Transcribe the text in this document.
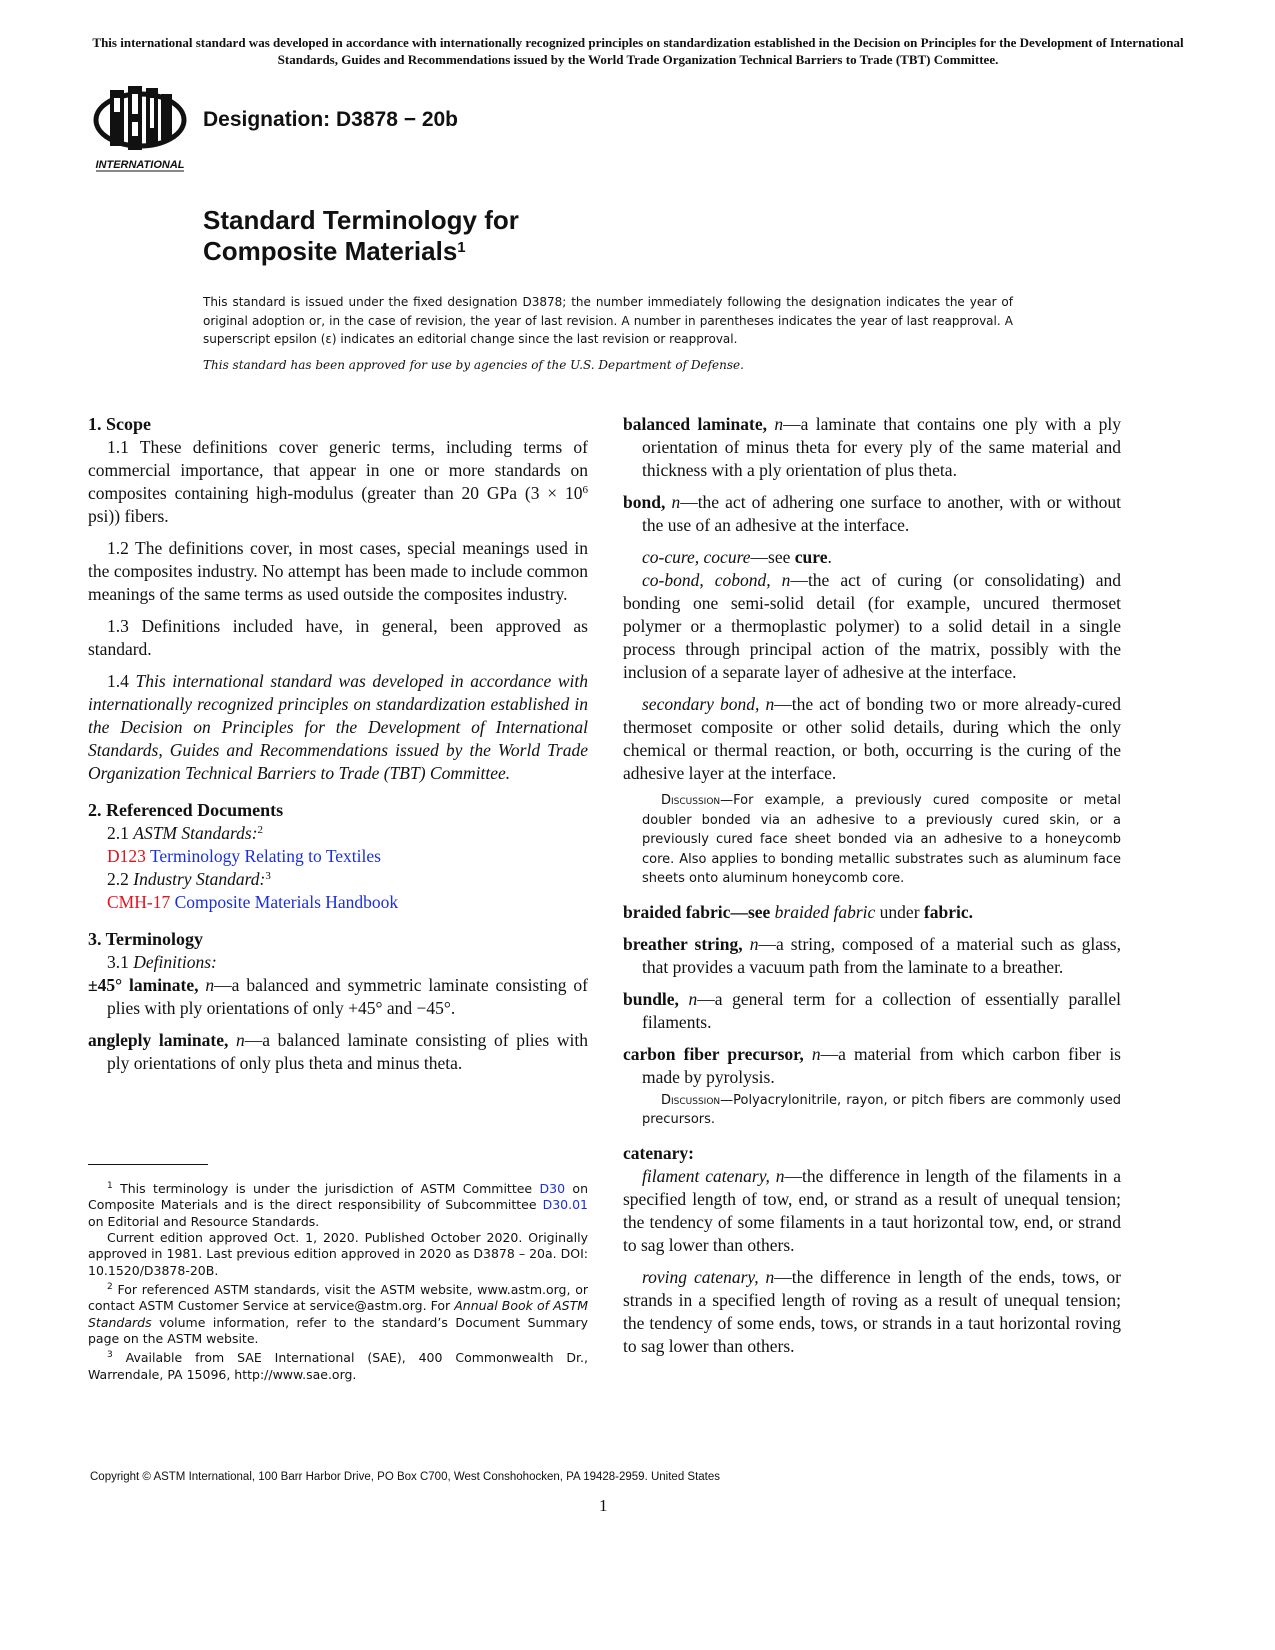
This international standard was developed in accordance with internationally recognized principles on standardization established in the Decision on Principles for the Development of International Standards, Guides and Recommendations issued by the World Trade Organization Technical Barriers to Trade (TBT) Committee.
INTERNATIONAL
Designation: D3878 − 20b
Standard Terminology for
Composite Materials$^1$
This standard is issued under the fixed designation D3878; the number immediately following the designation indicates the year of original adoption or, in the case of revision, the year of last revision. A number in parentheses indicates the year of last reapproval. A superscript epsilon (ε) indicates an editorial change since the last revision or reapproval.
This standard has been approved for use by agencies of the U.S. Department of Defense.

1. Scope

1.1 These definitions cover generic terms, including terms of commercial importance, that appear in one or more standards on composites containing high-modulus (greater than 20 GPa (3 × 10$^6$ psi)) fibers.

1.2 The definitions cover, in most cases, special meanings used in the composites industry. No attempt has been made to include common meanings of the same terms as used outside the composites industry.

1.3 Definitions included have, in general, been approved as standard.

1.4 This international standard was developed in accordance with internationally recognized principles on standardization established in the Decision on Principles for the Development of International Standards, Guides and Recommendations issued by the World Trade Organization Technical Barriers to Trade (TBT) Committee.

2. Referenced Documents

2.1 ASTM Standards:$^2$

D123 Terminology Relating to Textiles

2.2 Industry Standard:$^3$

CMH-17 Composite Materials Handbook

3. Terminology

3.1 Definitions:

±45° laminate, n—a balanced and symmetric laminate consisting of plies with ply orientations of only +45° and −45°.

angleply laminate, n—a balanced laminate consisting of plies with ply orientations of only plus theta and minus theta.

$^1$ This terminology is under the jurisdiction of ASTM Committee D30 on Composite Materials and is the direct responsibility of Subcommittee D30.01 on Editorial and Resource Standards.

Current edition approved Oct. 1, 2020. Published October 2020. Originally approved in 1981. Last previous edition approved in 2020 as D3878 – 20a. DOI: 10.1520/D3878-20B.

$^2$ For referenced ASTM standards, visit the ASTM website, www.astm.org, or contact ASTM Customer Service at service@astm.org. For Annual Book of ASTM Standards volume information, refer to the standard’s Document Summary page on the ASTM website.

$^3$ Available from SAE International (SAE), 400 Commonwealth Dr., Warrendale, PA 15096, http://www.sae.org.

balanced laminate, n—a laminate that contains one ply with a ply orientation of minus theta for every ply of the same material and thickness with a ply orientation of plus theta.

bond, n—the act of adhering one surface to another, with or without the use of an adhesive at the interface.

co-cure, cocure—see cure.

co-bond, cobond, n—the act of curing (or consolidating) and bonding one semi-solid detail (for example, uncured thermoset polymer or a thermoplastic polymer) to a solid detail in a single process through principal action of the matrix, possibly with the inclusion of a separate layer of adhesive at the interface.

secondary bond, n—the act of bonding two or more already-cured thermoset composite or other solid details, during which the only chemical or thermal reaction, or both, occurring is the curing of the adhesive layer at the interface.

Discussion—For example, a previously cured composite or metal doubler bonded via an adhesive to a previously cured skin, or a previously cured face sheet bonded via an adhesive to a honeycomb core. Also applies to bonding metallic substrates such as aluminum face sheets onto aluminum honeycomb core.

braided fabric—see braided fabric under fabric.

breather string, n—a string, composed of a material such as glass, that provides a vacuum path from the laminate to a breather.

bundle, n—a general term for a collection of essentially parallel filaments.

carbon fiber precursor, n—a material from which carbon fiber is made by pyrolysis.

Discussion—Polyacrylonitrile, rayon, or pitch fibers are commonly used precursors.

catenary:

filament catenary, n—the difference in length of the filaments in a specified length of tow, end, or strand as a result of unequal tension; the tendency of some filaments in a taut horizontal tow, end, or strand to sag lower than others.

roving catenary, n—the difference in length of the ends, tows, or strands in a specified length of roving as a result of unequal tension; the tendency of some ends, tows, or strands in a taut horizontal roving to sag lower than others.

Copyright © ASTM International, 100 Barr Harbor Drive, PO Box C700, West Conshohocken, PA 19428-2959. United States
1
